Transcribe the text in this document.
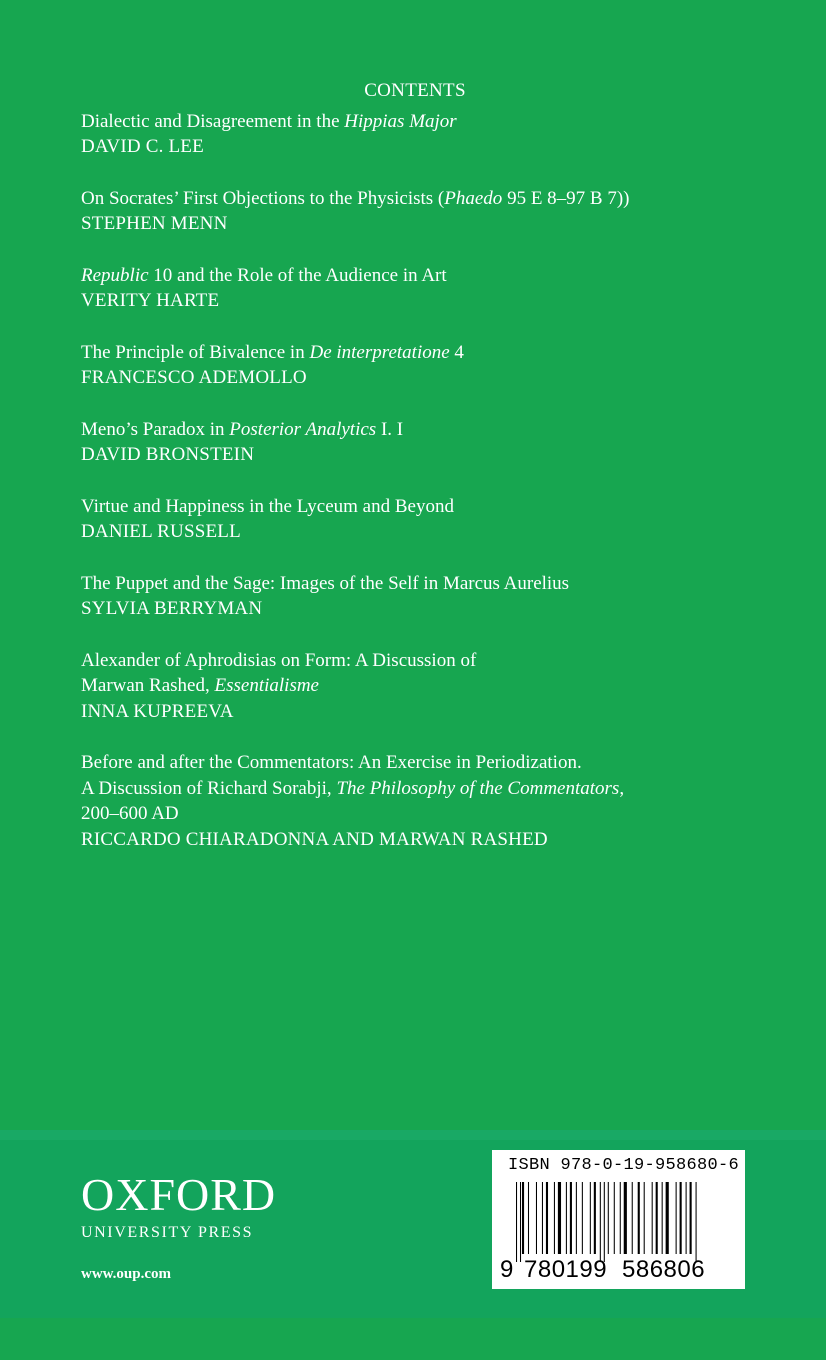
CONTENTS
Dialectic and Disagreement in the Hippias Major
DAVID C. LEE
On Socrates’ First Objections to the Physicists (Phaedo 95 E 8–97 B 7))
STEPHEN MENN
Republic 10 and the Role of the Audience in Art
VERITY HARTE
The Principle of Bivalence in De interpretatione 4
FRANCESCO ADEMOLLO
Meno’s Paradox in Posterior Analytics I. I
DAVID BRONSTEIN
Virtue and Happiness in the Lyceum and Beyond
DANIEL RUSSELL
The Puppet and the Sage: Images of the Self in Marcus Aurelius
SYLVIA BERRYMAN
Alexander of Aphrodisias on Form: A Discussion of
Marwan Rashed, Essentialisme
INNA KUPREEVA
Before and after the Commentators: An Exercise in Periodization.
A Discussion of Richard Sorabji, The Philosophy of the Commentators,
200–600 AD
RICCARDO CHIARADONNA AND MARWAN RASHED
OXFORD
UNIVERSITY PRESS
www.oup.com
ISBN 978-0-19-958680-6
9 780199 586806
